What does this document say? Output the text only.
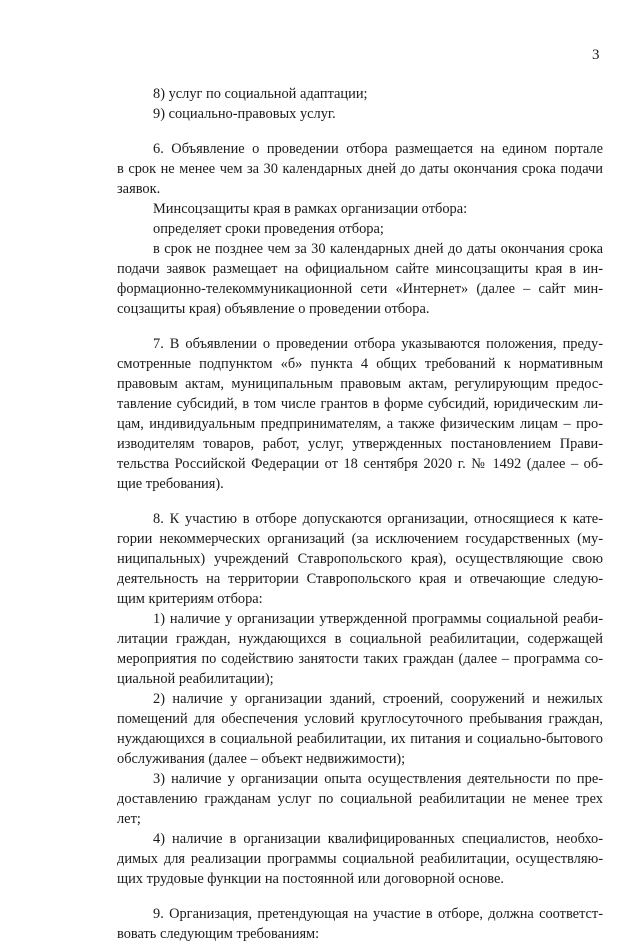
3
8) услуг по социальной адаптации;
9) социально-правовых услуг.
6. Объявление о проведении отбора размещается на едином портале
в срок не менее чем за 30 календарных дней до даты окончания срока подачи
заявок.
Минсоцзащиты края в рамках организации отбора:
определяет сроки проведения отбора;
в срок не позднее чем за 30 календарных дней до даты окончания срока
подачи заявок размещает на официальном сайте минсоцзащиты края в ин-
формационно-телекоммуникационной сети «Интернет» (далее – сайт мин-
соцзащиты края) объявление о проведении отбора.
7. В объявлении о проведении отбора указываются положения, преду-
смотренные подпунктом «б» пункта 4 общих требований к нормативным
правовым актам, муниципальным правовым актам, регулирующим предос-
тавление субсидий, в том числе грантов в форме субсидий, юридическим ли-
цам, индивидуальным предпринимателям, а также физическим лицам – про-
изводителям товаров, работ, услуг, утвержденных постановлением Прави-
тельства Российской Федерации от 18 сентября 2020 г. № 1492 (далее – об-
щие требования).
8. К участию в отборе допускаются организации, относящиеся к кате-
гории некоммерческих организаций (за исключением государственных (му-
ниципальных) учреждений Ставропольского края), осуществляющие свою
деятельность на территории Ставропольского края и отвечающие следую-
щим критериям отбора:
1) наличие у организации утвержденной программы социальной реаби-
литации граждан, нуждающихся в социальной реабилитации, содержащей
мероприятия по содействию занятости таких граждан (далее – программа со-
циальной реабилитации);
2) наличие у организации зданий, строений, сооружений и нежилых
помещений для обеспечения условий круглосуточного пребывания граждан,
нуждающихся в социальной реабилитации, их питания и социально-бытового
обслуживания (далее – объект недвижимости);
3) наличие у организации опыта осуществления деятельности по пре-
доставлению гражданам услуг по социальной реабилитации не менее трех
лет;
4) наличие в организации квалифицированных специалистов, необхо-
димых для реализации программы социальной реабилитации, осуществляю-
щих трудовые функции на постоянной или договорной основе.
9. Организация, претендующая на участие в отборе, должна соответст-
вовать следующим требованиям:
